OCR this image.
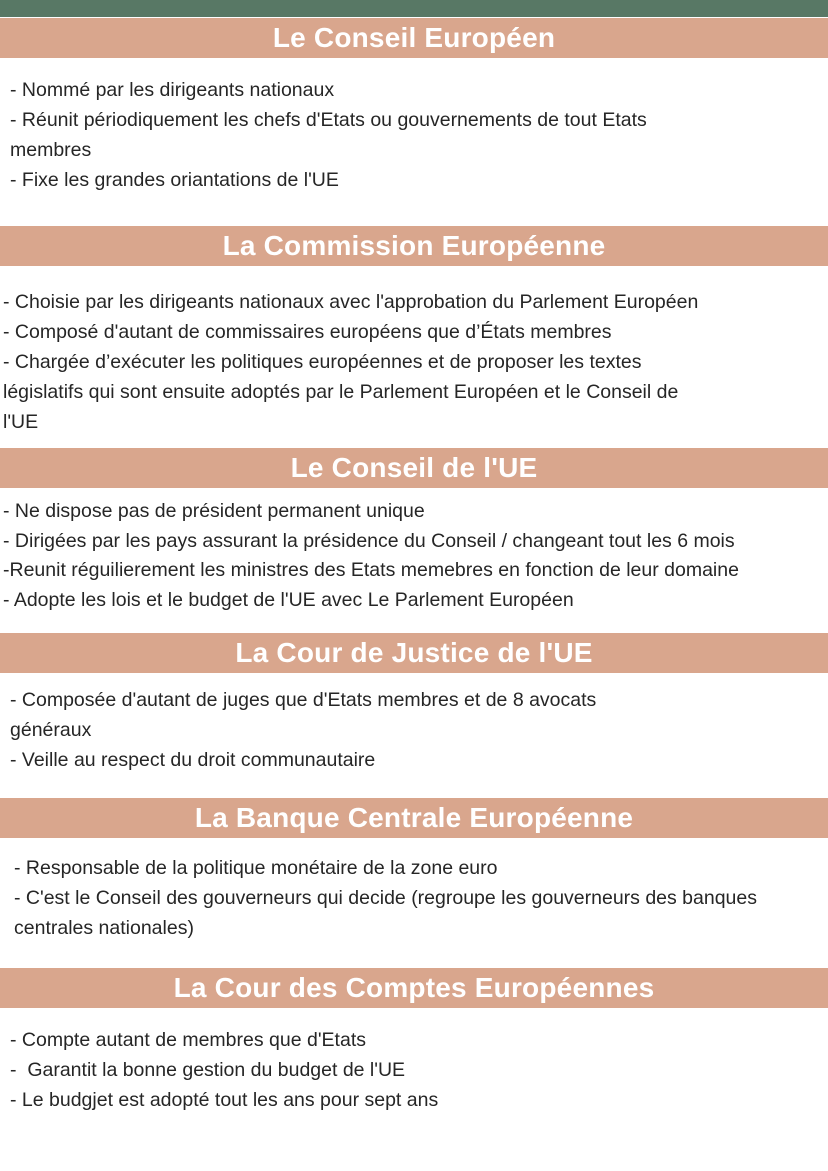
Le Conseil Européen

- Nommé par les dirigeants nationaux

- Réunit périodiquement les chefs d'Etats ou gouvernements de tout Etats

membres

- Fixe les grandes oriantations de l'UE

La Commission Européenne

- Choisie par les dirigeants nationaux avec l'approbation du Parlement Européen

- Composé d'autant de commissaires européens que d’États membres

- Chargée d’exécuter les politiques européennes et de proposer les textes

législatifs qui sont ensuite adoptés par le Parlement Européen et le Conseil de

l'UE

Le Conseil de l'UE

- Ne dispose pas de président permanent unique

- Dirigées par les pays assurant la présidence du Conseil / changeant tout les 6 mois

-Reunit réguilierement les ministres des Etats memebres en fonction de leur domaine

- Adopte les lois et le budget de l'UE avec Le Parlement Européen

La Cour de Justice de l'UE

- Composée d'autant de juges que d'Etats membres et de 8 avocats

généraux

- Veille au respect du droit communautaire

La Banque Centrale Européenne

- Responsable de la politique monétaire de la zone euro

- C'est le Conseil des gouverneurs qui decide (regroupe les gouverneurs des banques

centrales nationales)

La Cour des Comptes Européennes

- Compte autant de membres que d'Etats

-  Garantit la bonne gestion du budget de l'UE

- Le budgjet est adopté tout les ans pour sept ans
